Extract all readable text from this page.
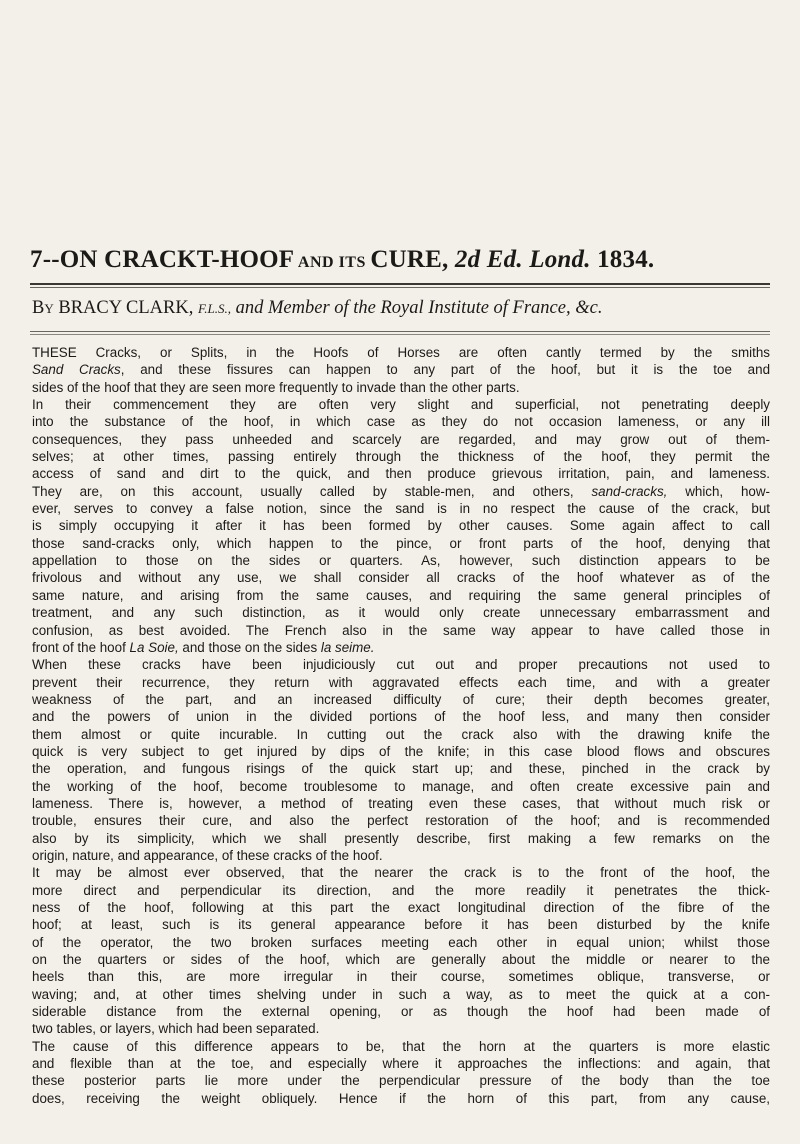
7--ON CRACKT-HOOF AND ITS CURE, 2d Ed. Lond. 1834.
By BRACY CLARK, F.L.S., and Member of the Royal Institute of France, &c.
THESE Cracks, or Splits, in the Hoofs of Horses are often cantly termed by the smiths
Sand Cracks, and these fissures can happen to any part of the hoof, but it is the toe and
sides of the hoof that they are seen more frequently to invade than the other parts.
In their commencement they are often very slight and superficial, not penetrating deeply
into the substance of the hoof, in which case as they do not occasion lameness, or any ill
consequences, they pass unheeded and scarcely are regarded, and may grow out of them-
selves; at other times, passing entirely through the thickness of the hoof, they permit the
access of sand and dirt to the quick, and then produce grievous irritation, pain, and lameness.
They are, on this account, usually called by stable-men, and others, sand-cracks, which, how-
ever, serves to convey a false notion, since the sand is in no respect the cause of the crack, but
is simply occupying it after it has been formed by other causes. Some again affect to call
those sand-cracks only, which happen to the pince, or front parts of the hoof, denying that
appellation to those on the sides or quarters. As, however, such distinction appears to be
frivolous and without any use, we shall consider all cracks of the hoof whatever as of the
same nature, and arising from the same causes, and requiring the same general principles of
treatment, and any such distinction, as it would only create unnecessary embarrassment and
confusion, as best avoided. The French also in the same way appear to have called those in
front of the hoof La Soie, and those on the sides la seime.
When these cracks have been injudiciously cut out and proper precautions not used to
prevent their recurrence, they return with aggravated effects each time, and with a greater
weakness of the part, and an increased difficulty of cure; their depth becomes greater,
and the powers of union in the divided portions of the hoof less, and many then consider
them almost or quite incurable. In cutting out the crack also with the drawing knife the
quick is very subject to get injured by dips of the knife; in this case blood flows and obscures
the operation, and fungous risings of the quick start up; and these, pinched in the crack by
the working of the hoof, become troublesome to manage, and often create excessive pain and
lameness. There is, however, a method of treating even these cases, that without much risk or
trouble, ensures their cure, and also the perfect restoration of the hoof; and is recommended
also by its simplicity, which we shall presently describe, first making a few remarks on the
origin, nature, and appearance, of these cracks of the hoof.
It may be almost ever observed, that the nearer the crack is to the front of the hoof, the
more direct and perpendicular its direction, and the more readily it penetrates the thick-
ness of the hoof, following at this part the exact longitudinal direction of the fibre of the
hoof; at least, such is its general appearance before it has been disturbed by the knife
of the operator, the two broken surfaces meeting each other in equal union; whilst those
on the quarters or sides of the hoof, which are generally about the middle or nearer to the
heels than this, are more irregular in their course, sometimes oblique, transverse, or
waving; and, at other times shelving under in such a way, as to meet the quick at a con-
siderable distance from the external opening, or as though the hoof had been made of
two tables, or layers, which had been separated.
The cause of this difference appears to be, that the horn at the quarters is more elastic
and flexible than at the toe, and especially where it approaches the inflections: and again, that
these posterior parts lie more under the perpendicular pressure of the body than the toe
does, receiving the weight obliquely. Hence if the horn of this part, from any cause,
